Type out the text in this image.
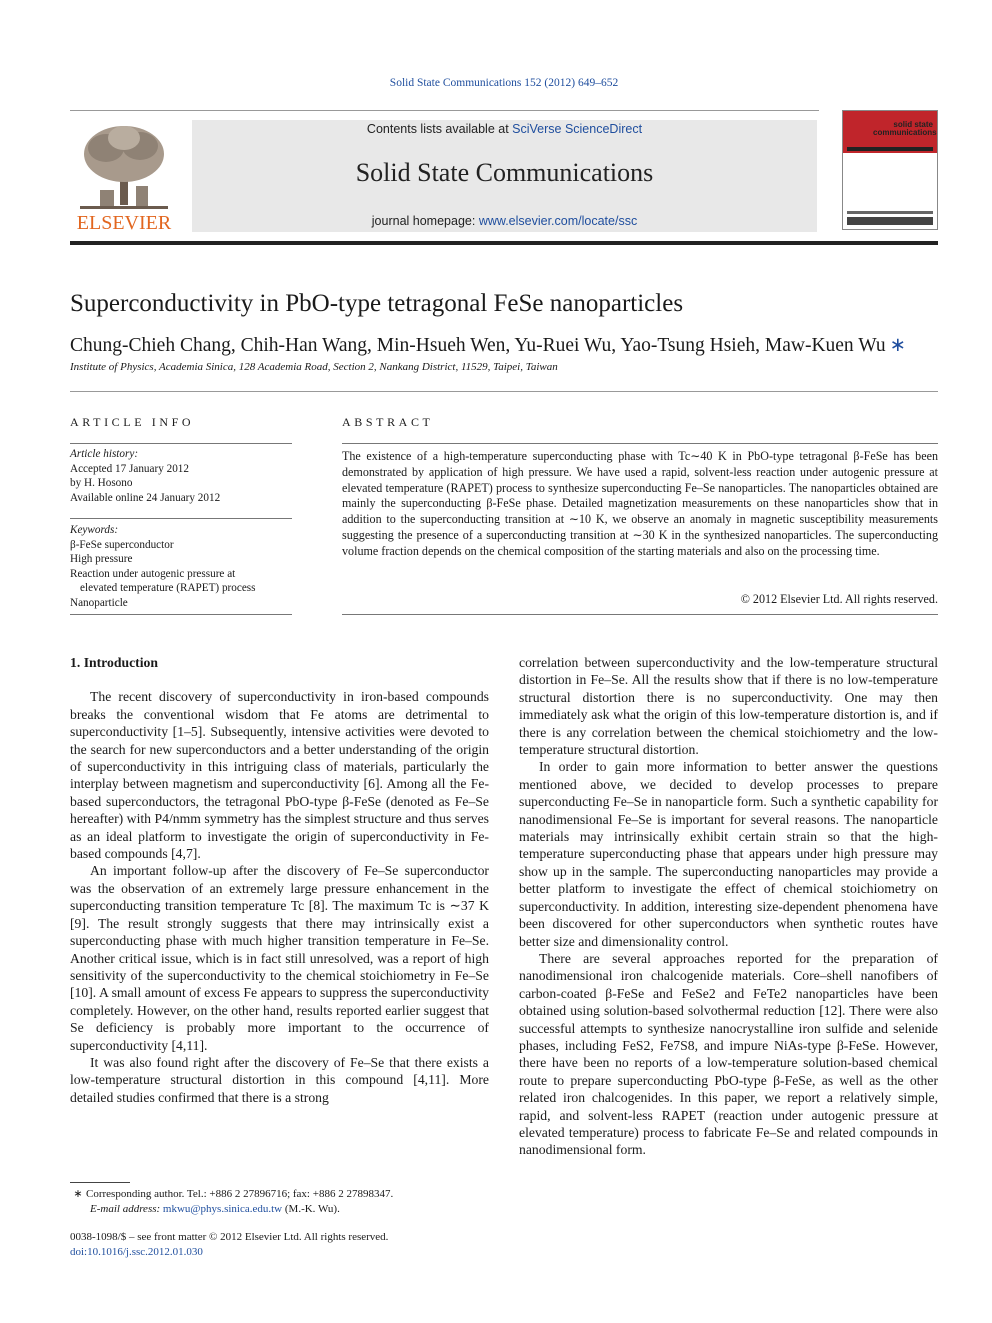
Solid State Communications 152 (2012) 649–652
ELSEVIER
Contents lists available at SciVerse ScienceDirect
Solid State Communications
journal homepage: www.elsevier.com/locate/ssc
solid state communications
Superconductivity in PbO-type tetragonal FeSe nanoparticles
Chung-Chieh Chang, Chih-Han Wang, Min-Hsueh Wen, Yu-Ruei Wu, Yao-Tsung Hsieh, Maw-Kuen Wu ∗
Institute of Physics, Academia Sinica, 128 Academia Road, Section 2, Nankang District, 11529, Taipei, Taiwan
ARTICLE INFO
Article history:
Accepted 17 January 2012
by H. Hosono
Available online 24 January 2012
Keywords:
β-FeSe superconductor
High pressure
Reaction under autogenic pressure at
elevated temperature (RAPET) process
Nanoparticle
ABSTRACT
The existence of a high-temperature superconducting phase with Tc∼40 K in PbO-type tetragonal β-FeSe has been demonstrated by application of high pressure. We have used a rapid, solvent-less reaction under autogenic pressure at elevated temperature (RAPET) process to synthesize superconducting Fe–Se nanoparticles. The nanoparticles obtained are mainly the superconducting β-FeSe phase. Detailed magnetization measurements on these nanoparticles show that in addition to the superconducting transition at ∼10 K, we observe an anomaly in magnetic susceptibility measurements suggesting the presence of a superconducting transition at ∼30 K in the synthesized nanoparticles. The superconducting volume fraction depends on the chemical composition of the starting materials and also on the processing time.
© 2012 Elsevier Ltd. All rights reserved.

1. Introduction

The recent discovery of superconductivity in iron-based compounds breaks the conventional wisdom that Fe atoms are detrimental to superconductivity [1–5]. Subsequently, intensive activities were devoted to the search for new superconductors and a better understanding of the origin of superconductivity in this intriguing class of materials, particularly the interplay between magnetism and superconductivity [6]. Among all the Fe-based superconductors, the tetragonal PbO-type β-FeSe (denoted as Fe–Se hereafter) with P4/nmm symmetry has the simplest structure and thus serves as an ideal platform to investigate the origin of superconductivity in Fe-based compounds [4,7].

An important follow-up after the discovery of Fe–Se superconductor was the observation of an extremely large pressure enhancement in the superconducting transition temperature Tc [8]. The maximum Tc is ∼37 K [9]. The result strongly suggests that there may intrinsically exist a superconducting phase with much higher transition temperature in Fe–Se. Another critical issue, which is in fact still unresolved, was a report of high sensitivity of the superconductivity to the chemical stoichiometry in Fe–Se [10]. A small amount of excess Fe appears to suppress the superconductivity completely. However, on the other hand, results reported earlier suggest that Se deficiency is probably more important to the occurrence of superconductivity [4,11].

It was also found right after the discovery of Fe–Se that there exists a low-temperature structural distortion in this compound [4,11]. More detailed studies confirmed that there is a strong

correlation between superconductivity and the low-temperature structural distortion in Fe–Se. All the results show that if there is no low-temperature structural distortion there is no superconductivity. One may then immediately ask what the origin of this low-temperature distortion is, and if there is any correlation between the chemical stoichiometry and the low-temperature structural distortion.

In order to gain more information to better answer the questions mentioned above, we decided to develop processes to prepare superconducting Fe–Se in nanoparticle form. Such a synthetic capability for nanodimensional Fe–Se is important for several reasons. The nanoparticle materials may intrinsically exhibit certain strain so that the high-temperature superconducting phase that appears under high pressure may show up in the sample. The superconducting nanoparticles may provide a better platform to investigate the effect of chemical stoichiometry on superconductivity. In addition, interesting size-dependent phenomena have been discovered for other superconductors when synthetic routes have better size and dimensionality control.

There are several approaches reported for the preparation of nanodimensional iron chalcogenide materials. Core–shell nanofibers of carbon-coated β-FeSe and FeSe2 and FeTe2 nanoparticles have been obtained using solution-based solvothermal reduction [12]. There were also successful attempts to synthesize nanocrystalline iron sulfide and selenide phases, including FeS2, Fe7S8, and impure NiAs-type β-FeSe. However, there have been no reports of a low-temperature solution-based chemical route to prepare superconducting PbO-type β-FeSe, as well as the other related iron chalcogenides. In this paper, we report a relatively simple, rapid, and solvent-less RAPET (reaction under autogenic pressure at elevated temperature) process to fabricate Fe–Se and related compounds in nanodimensional form.

∗ Corresponding author. Tel.: +886 2 27896716; fax: +886 2 27898347.
E-mail address: mkwu@phys.sinica.edu.tw (M.-K. Wu).
0038-1098/$ – see front matter © 2012 Elsevier Ltd. All rights reserved.
doi:10.1016/j.ssc.2012.01.030
